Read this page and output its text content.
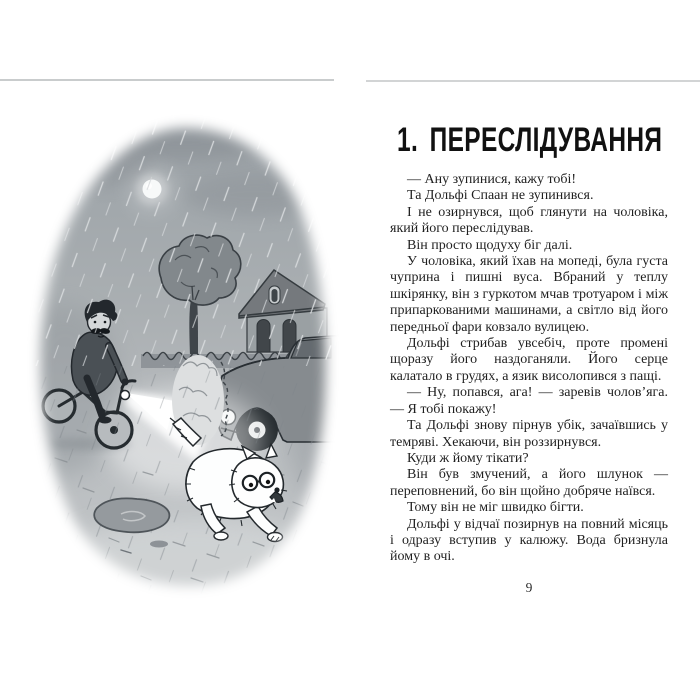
1. ПЕРЕСЛІДУВАННЯ

— Ану зупинися, кажу тобі!

Та Дольфі Спаан не зупинився.

І не озирнувся, щоб глянути на чоловіка, який його переслідував.

Він просто щодуху біг далі.

У чоловіка, який їхав на мопеді, була густа чуприна і пишні вуса. Вбраний у теплу шкірянку, він з гуркотом мчав тротуаром і між припаркованими машинами, а світло від його передньої фари ковзало вулицею.

Дольфі стрибав увсебіч, проте промені щоразу його наздоганяли. Його серце калатало в грудях, а язик висолопився з пащі.

— Ну, попався, ага! — заревів чолов’яга. — Я тобі покажу!

Та Дольфі знову пірнув убік, зачаївшись у темряві. Хекаючи, він роззирнувся.

Куди ж йому тікати?

Він був змучений, а його шлунок — переповнений, бо він щойно добряче наївся.

Тому він не міг швидко бігти.

Дольфі у відчаї позирнув на повний місяць і одразу вступив у калюжу. Вода бризнула йому в очі.

9
